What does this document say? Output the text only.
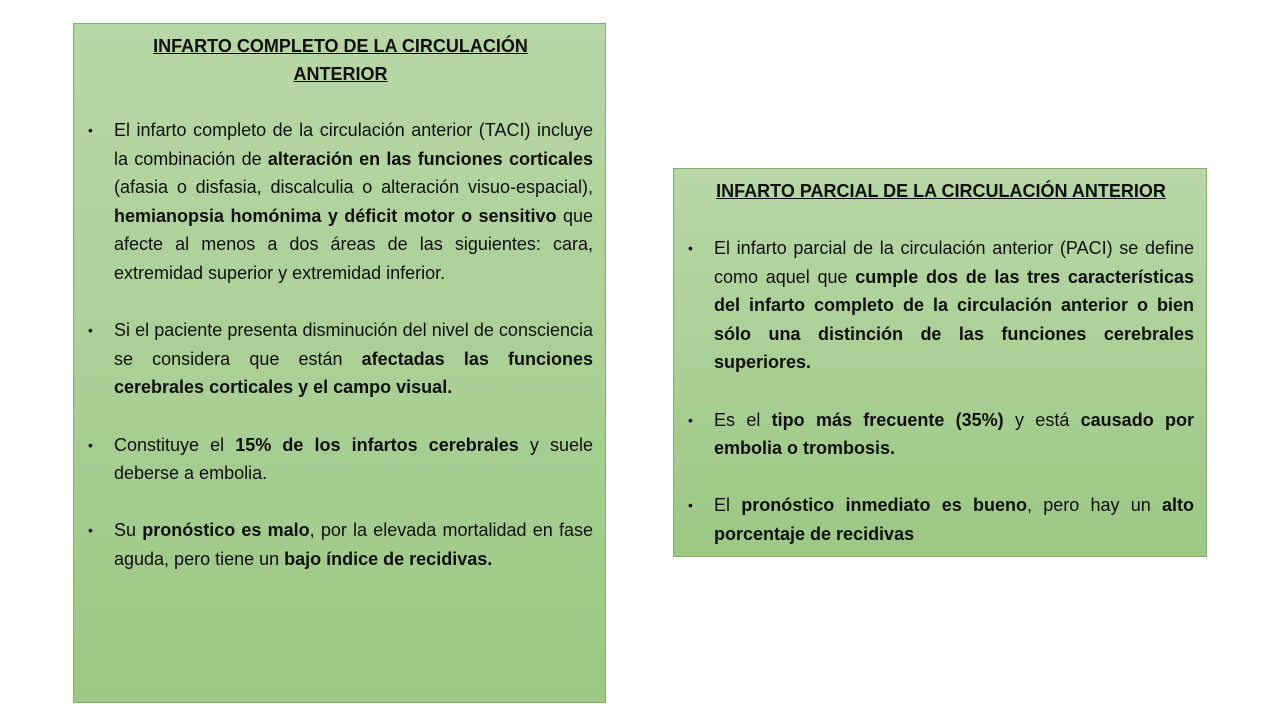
INFARTO COMPLETO DE LA CIRCULACIÓN ANTERIOR
• El infarto completo de la circulación anterior (TACI) incluye la combinación de alteración en las funciones corticales (afasia o disfasia, discalculia o alteración visuo-espacial), hemianopsia homónima y déficit motor o sensitivo que afecte al menos a dos áreas de las siguientes: cara, extremidad superior y extremidad inferior.
• Si el paciente presenta disminución del nivel de consciencia se considera que están afectadas las funciones cerebrales corticales y el campo visual.
• Constituye el 15% de los infartos cerebrales y suele deberse a embolia.
• Su pronóstico es malo, por la elevada mortalidad en fase aguda, pero tiene un bajo índice de recidivas.
INFARTO PARCIAL DE LA CIRCULACIÓN ANTERIOR
• El infarto parcial de la circulación anterior (PACI) se define como aquel que cumple dos de las tres características del infarto completo de la circulación anterior o bien sólo una distinción de las funciones cerebrales superiores.
• Es el tipo más frecuente (35%) y está causado por embolia o trombosis.
• El pronóstico inmediato es bueno, pero hay un alto porcentaje de recidivas
